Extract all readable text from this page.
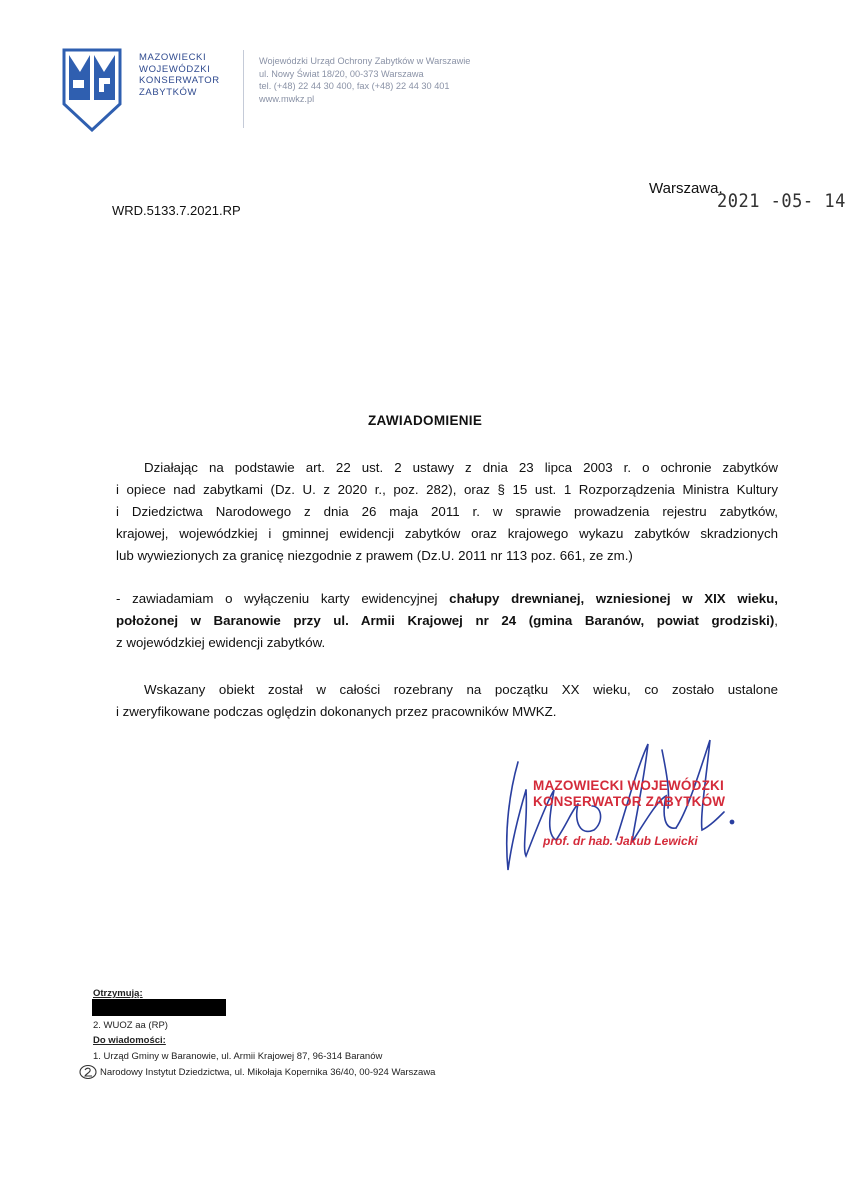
MAZOWIECKI
WOJEWÓDZKI
KONSERWATOR
ZABYTKÓW
Wojewódzki Urząd Ochrony Zabytków w Warszawie
ul. Nowy Świat 18/20, 00-373 Warszawa
tel. (+48) 22 44 30 400, fax (+48) 22 44 30 401
www.mwkz.pl
WRD.5133.7.2021.RP
Warszawa,
2021 -05- 14
ZAWIADOMIENIE
Działając na podstawie art. 22 ust. 2 ustawy z dnia 23 lipca 2003 r. o ochronie zabytków
i opiece nad zabytkami (Dz. U. z 2020 r., poz. 282), oraz § 15 ust. 1 Rozporządzenia Ministra Kultury
i Dziedzictwa Narodowego z dnia 26 maja 2011 r. w sprawie prowadzenia rejestru zabytków,
krajowej, wojewódzkiej i gminnej ewidencji zabytków oraz krajowego wykazu zabytków skradzionych
lub wywiezionych za granicę niezgodnie z prawem (Dz.U. 2011 nr 113 poz. 661, ze zm.)
- zawiadamiam o wyłączeniu karty ewidencyjnej chałupy drewnianej, wzniesionej w XIX wieku,
położonej w Baranowie przy ul. Armii Krajowej nr 24 (gmina Baranów, powiat grodziski),
z wojewódzkiej ewidencji zabytków.
Wskazany obiekt został w całości rozebrany na początku XX wieku, co zostało ustalone
i zweryfikowane podczas oględzin dokonanych przez pracowników MWKZ.
MAZOWIECKI WOJEWÓDZKI
KONSERWATOR ZABYTKÓW
prof. dr hab. Jakub Lewicki
Otrzymują:
2. WUOZ aa (RP)
Do wiadomości:
1. Urząd Gminy w Baranowie, ul. Armii Krajowej 87, 96-314 Baranów
Narodowy Instytut Dziedzictwa, ul. Mikołaja Kopernika 36/40, 00-924 Warszawa
